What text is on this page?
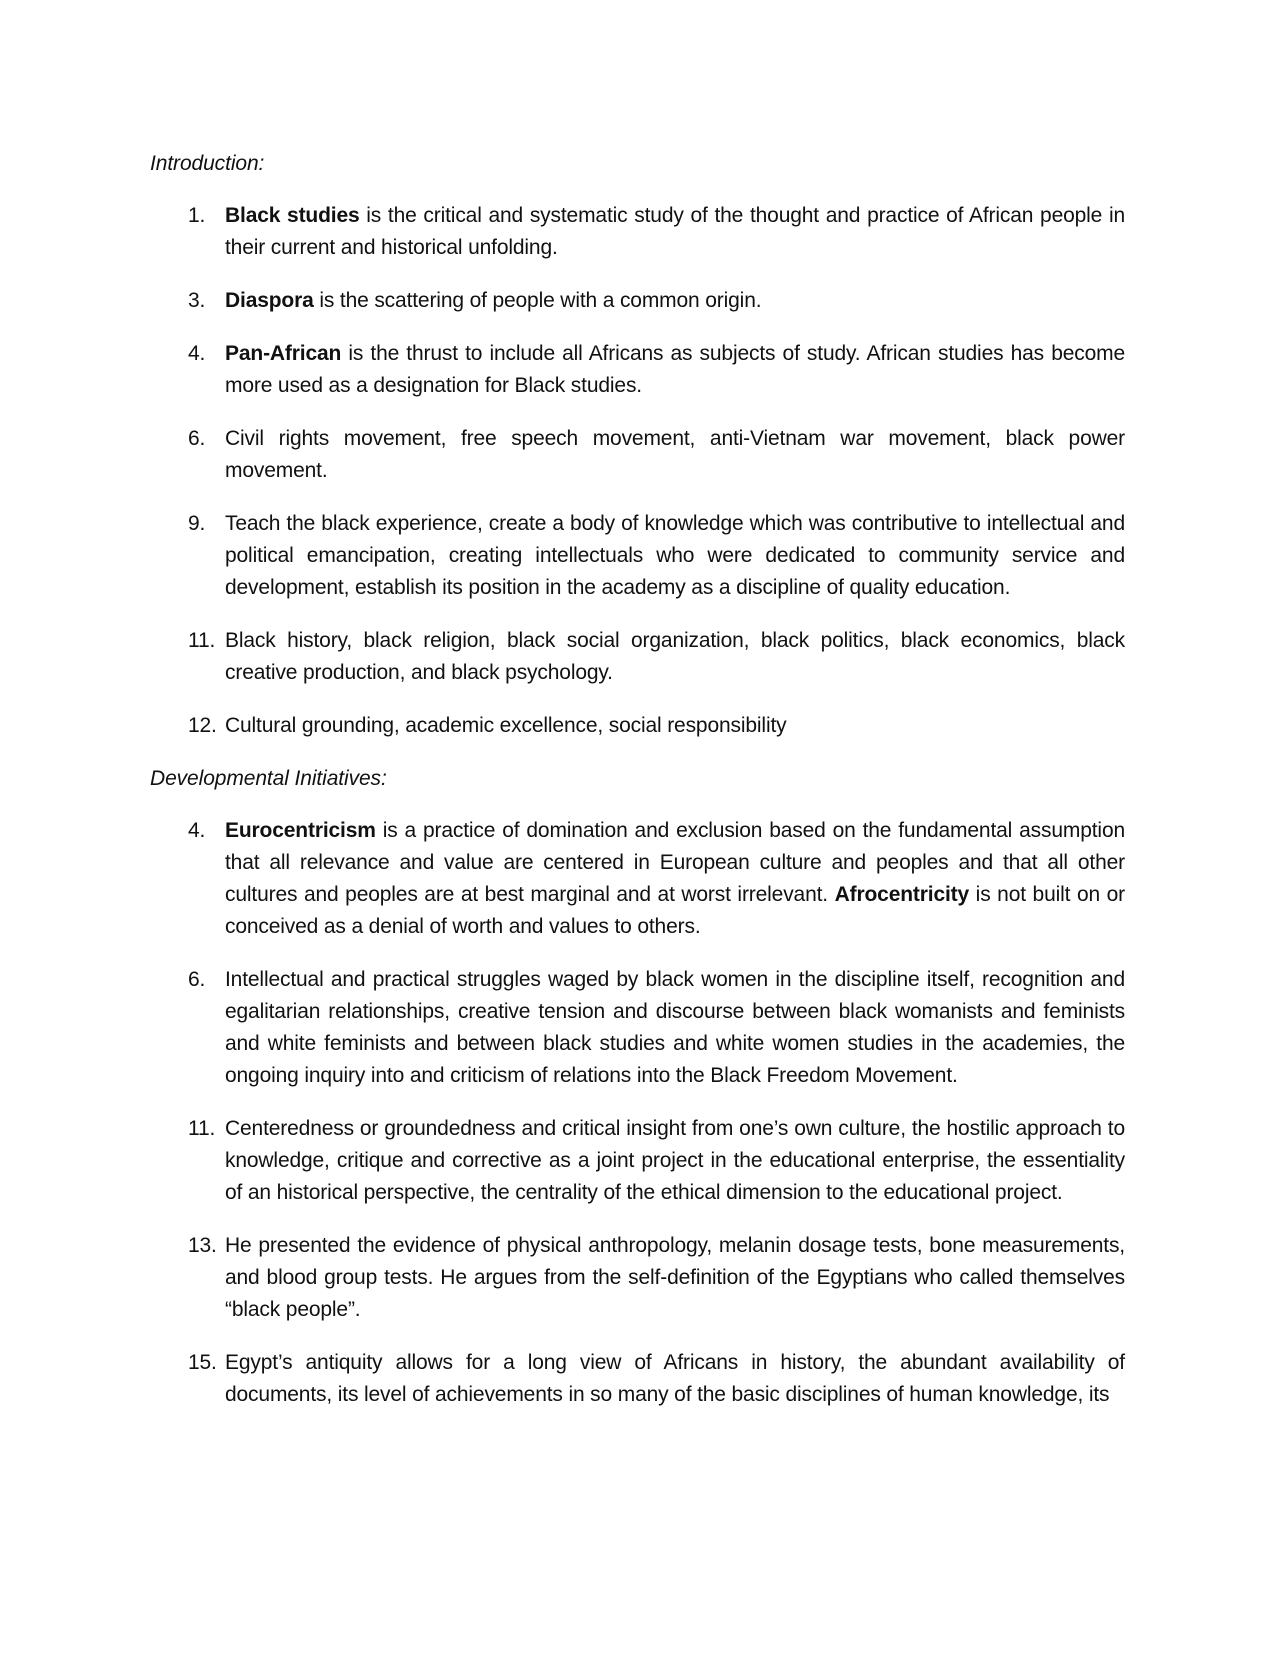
Introduction:
1. Black studies is the critical and systematic study of the thought and practice of African people in their current and historical unfolding.
3. Diaspora is the scattering of people with a common origin.
4. Pan-African is the thrust to include all Africans as subjects of study. African studies has become more used as a designation for Black studies.
6. Civil rights movement, free speech movement, anti-Vietnam war movement, black power movement.
9. Teach the black experience, create a body of knowledge which was contributive to intellectual and political emancipation, creating intellectuals who were dedicated to community service and development, establish its position in the academy as a discipline of quality education.
11. Black history, black religion, black social organization, black politics, black economics, black creative production, and black psychology.
12. Cultural grounding, academic excellence, social responsibility
Developmental Initiatives:
4. Eurocentricism is a practice of domination and exclusion based on the fundamental assumption that all relevance and value are centered in European culture and peoples and that all other cultures and peoples are at best marginal and at worst irrelevant. Afrocentricity is not built on or conceived as a denial of worth and values to others.
6. Intellectual and practical struggles waged by black women in the discipline itself, recognition and egalitarian relationships, creative tension and discourse between black womanists and feminists and white feminists and between black studies and white women studies in the academies, the ongoing inquiry into and criticism of relations into the Black Freedom Movement.
11. Centeredness or groundedness and critical insight from one’s own culture, the hostilic approach to knowledge, critique and corrective as a joint project in the educational enterprise, the essentiality of an historical perspective, the centrality of the ethical dimension to the educational project.
13. He presented the evidence of physical anthropology, melanin dosage tests, bone measurements, and blood group tests. He argues from the self-definition of the Egyptians who called themselves “black people”.
15. Egypt’s antiquity allows for a long view of Africans in history, the abundant availability of documents, its level of achievements in so many of the basic disciplines of human knowledge, its
